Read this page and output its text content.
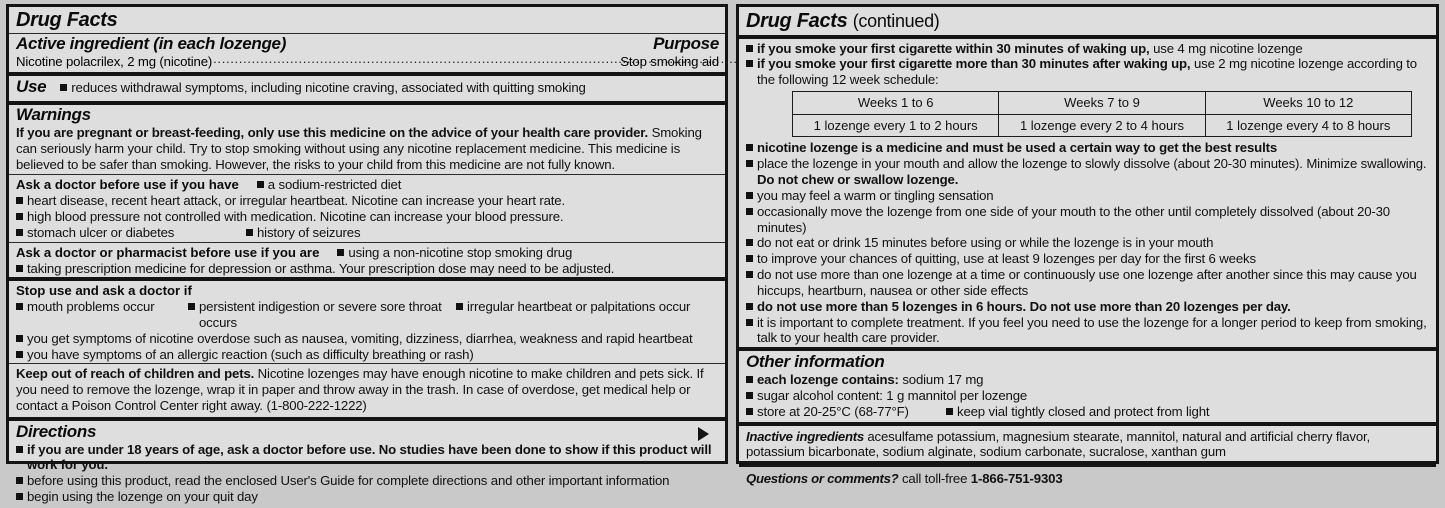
Drug Facts
Active ingredient (in each lozenge)	Purpose
Nicotine polacrilex, 2 mg (nicotine) .....	Stop smoking aid
Use reduces withdrawal symptoms, including nicotine craving, associated with quitting smoking
Warnings
If you are pregnant or breast-feeding, only use this medicine on the advice of your health care provider. Smoking can seriously harm your child. Try to stop smoking without using any nicotine replacement medicine. This medicine is believed to be safer than smoking. However, the risks to your child from this medicine are not fully known.
Ask a doctor before use if you have a sodium-restricted diet
heart disease, recent heart attack, or irregular heartbeat. Nicotine can increase your heart rate.
high blood pressure not controlled with medication. Nicotine can increase your blood pressure.
stomach ulcer or diabetes	history of seizures
Ask a doctor or pharmacist before use if you are using a non-nicotine stop smoking drug
taking prescription medicine for depression or asthma. Your prescription dose may need to be adjusted.
Stop use and ask a doctor if
mouth problems occur	persistent indigestion or severe sore throat occurs
irregular heartbeat or palpitations occur
you get symptoms of nicotine overdose such as nausea, vomiting, dizziness, diarrhea, weakness and rapid heartbeat
you have symptoms of an allergic reaction (such as difficulty breathing or rash)
Keep out of reach of children and pets. Nicotine lozenges may have enough nicotine to make children and pets sick. If you need to remove the lozenge, wrap it in paper and throw away in the trash. In case of overdose, get medical help or contact a Poison Control Center right away. (1-800-222-1222)
Directions
if you are under 18 years of age, ask a doctor before use. No studies have been done to show if this product will work for you.
before using this product, read the enclosed User's Guide for complete directions and other important information
begin using the lozenge on your quit day
Drug Facts (continued)
if you smoke your first cigarette within 30 minutes of waking up, use 4 mg nicotine lozenge
if you smoke your first cigarette more than 30 minutes after waking up, use 2 mg nicotine lozenge according to the following 12 week schedule:
Weeks 1 to 6	Weeks 7 to 9	Weeks 10 to 12
1 lozenge every 1 to 2 hours	1 lozenge every 2 to 4 hours	1 lozenge every 4 to 8 hours
nicotine lozenge is a medicine and must be used a certain way to get the best results
place the lozenge in your mouth and allow the lozenge to slowly dissolve (about 20-30 minutes). Minimize swallowing. Do not chew or swallow lozenge.
you may feel a warm or tingling sensation
occasionally move the lozenge from one side of your mouth to the other until completely dissolved (about 20-30 minutes)
do not eat or drink 15 minutes before using or while the lozenge is in your mouth
to improve your chances of quitting, use at least 9 lozenges per day for the first 6 weeks
do not use more than one lozenge at a time or continuously use one lozenge after another since this may cause you hiccups, heartburn, nausea or other side effects
do not use more than 5 lozenges in 6 hours. Do not use more than 20 lozenges per day.
it is important to complete treatment. If you feel you need to use the lozenge for a longer period to keep from smoking, talk to your health care provider.
Other information
each lozenge contains: sodium 17 mg
sugar alcohol content: 1 g mannitol per lozenge
store at 20-25°C (68-77°F)	keep vial tightly closed and protect from light
Inactive ingredients acesulfame potassium, magnesium stearate, mannitol, natural and artificial cherry flavor, potassium bicarbonate, sodium alginate, sodium carbonate, sucralose, xanthan gum
Questions or comments? call toll-free 1-866-751-9303
